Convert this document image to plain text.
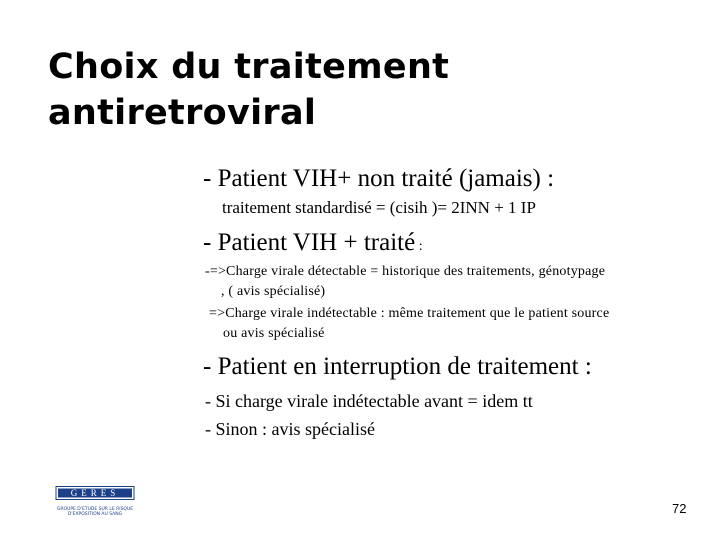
Choix du traitement
antiretroviral
- Patient VIH+ non traité (jamais) :
traitement standardisé = (cisih )= 2INN + 1 IP
- Patient VIH + traité :
-=>Charge virale détectable = historique des traitements, génotypage
, ( avis spécialisé)
=>Charge virale indétectable : même traitement que le patient source
ou avis spécialisé
- Patient en interruption de traitement :
- Si charge virale indétectable avant = idem tt
- Sinon : avis spécialisé
GERES
GROUPE D'ETUDE SUR LE RISQUE
D'EXPOSITION AU SANG	72
